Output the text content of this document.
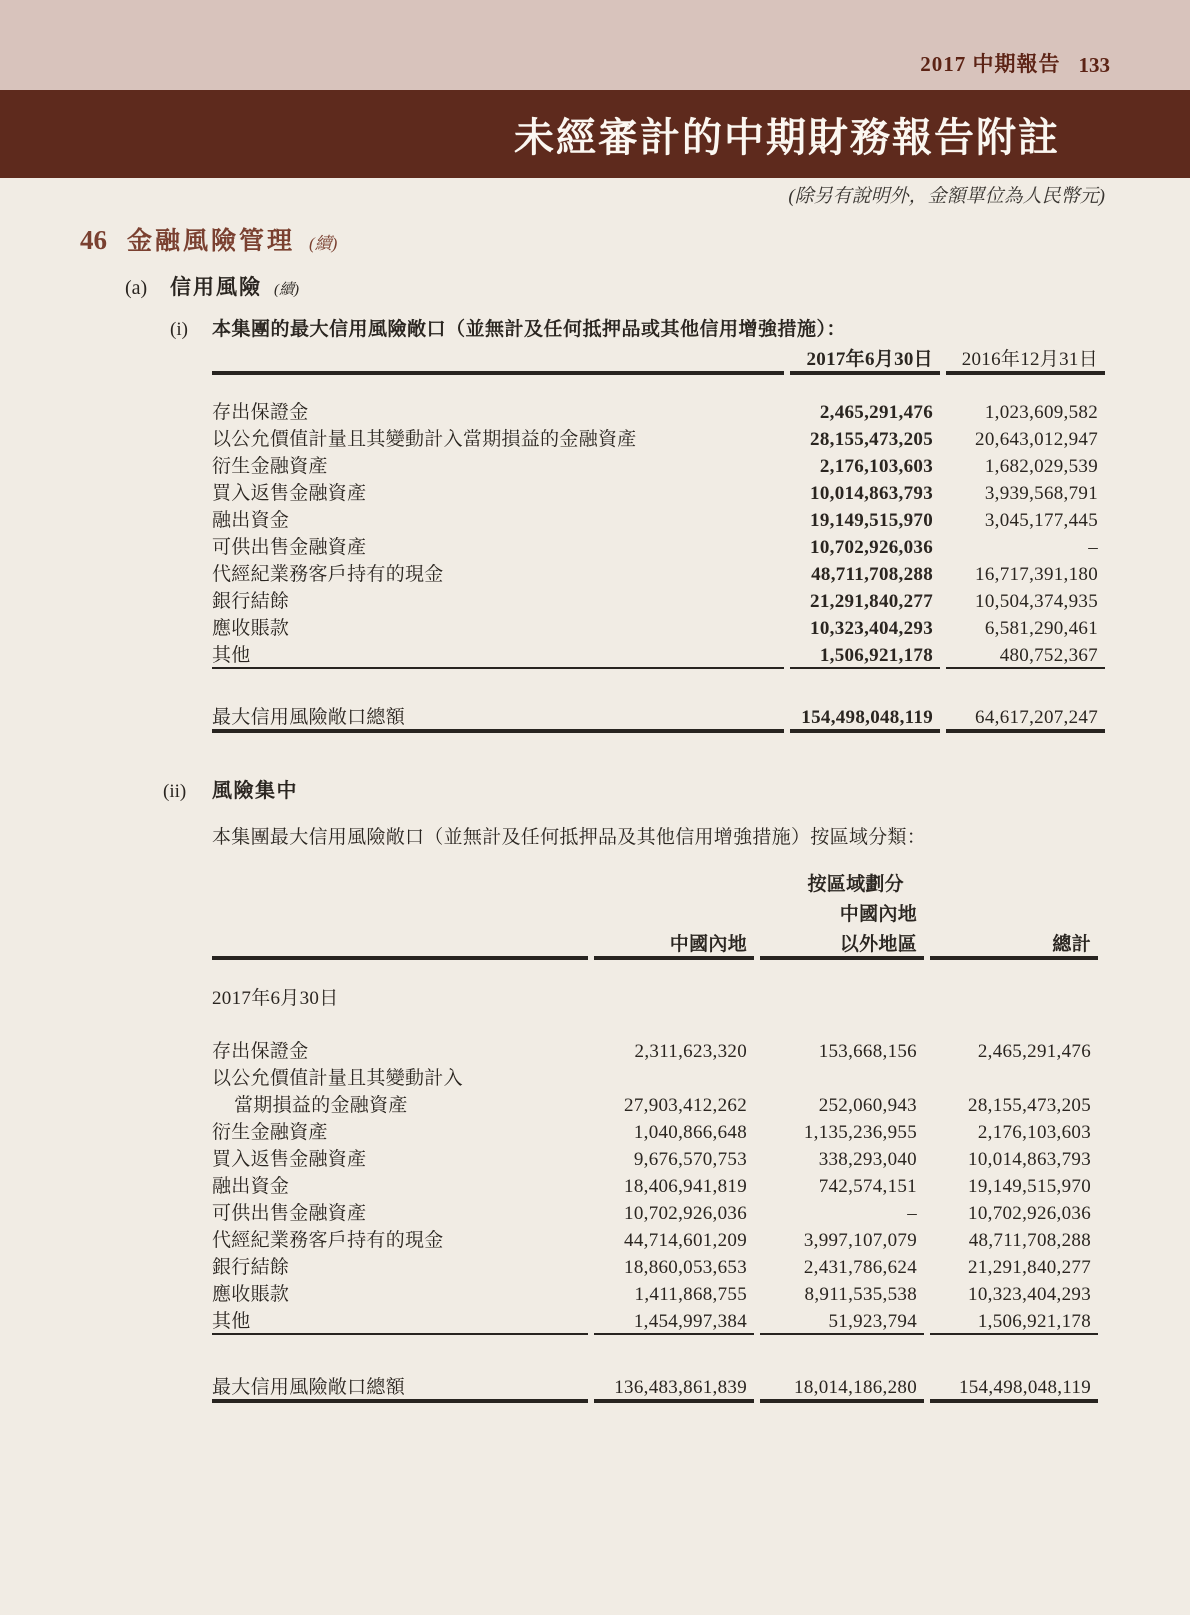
2017 中期報告 133
未經審計的中期財務報告附註
(除另有說明外，金額單位為人民幣元)
46 金融風險管理 (續)
(a)	信用風險 (續)
(i)	本集團的最大信用風險敞口（並無計及任何抵押品或其他信用增強措施）：
	2017年6月30日	2016年12月31日

存出保證金	2,465,291,476	1,023,609,582
以公允價值計量且其變動計入當期損益的金融資產	28,155,473,205	20,643,012,947
衍生金融資產	2,176,103,603	1,682,029,539
買入返售金融資產	10,014,863,793	3,939,568,791
融出資金	19,149,515,970	3,045,177,445
可供出售金融資產	10,702,926,036	–
代經紀業務客戶持有的現金	48,711,708,288	16,717,391,180
銀行結餘	21,291,840,277	10,504,374,935
應收賬款	10,323,404,293	6,581,290,461
其他	1,506,921,178	480,752,367

最大信用風險敞口總額	154,498,048,119	64,617,207,247

(ii)	風險集中
本集團最大信用風險敞口（並無計及任何抵押品及其他信用增強措施）按區域分類：
		按區域劃分	
		中國內地	
	中國內地	以外地區	總計

2017年6月30日			

存出保證金	2,311,623,320	153,668,156	2,465,291,476
以公允價值計量且其變動計入			
當期損益的金融資產	27,903,412,262	252,060,943	28,155,473,205
衍生金融資產	1,040,866,648	1,135,236,955	2,176,103,603
買入返售金融資產	9,676,570,753	338,293,040	10,014,863,793
融出資金	18,406,941,819	742,574,151	19,149,515,970
可供出售金融資產	10,702,926,036	–	10,702,926,036
代經紀業務客戶持有的現金	44,714,601,209	3,997,107,079	48,711,708,288
銀行結餘	18,860,053,653	2,431,786,624	21,291,840,277
應收賬款	1,411,868,755	8,911,535,538	10,323,404,293
其他	1,454,997,384	51,923,794	1,506,921,178

最大信用風險敞口總額	136,483,861,839	18,014,186,280	154,498,048,119
